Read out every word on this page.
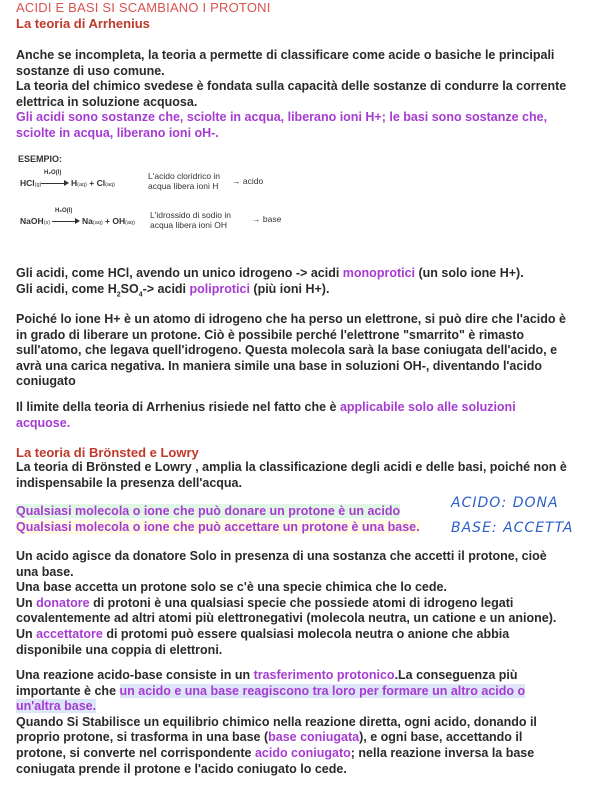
ACIDI E BASI SI SCAMBIANO I PROTONI
La teoria di Arrhenius
Anche se incompleta, la teoria a permette di classificare come acide o basiche le principali
sostanze di uso comune.
La teoria del chimico svedese è fondata sulla capacità delle sostanze di condurre la corrente
elettrica in soluzione acquosa.
Gli acidi sono sostanze che, sciolte in acqua, liberano ioni H+; le basi sono sostanze che,
sciolte in acqua, liberano ioni oH-.
ESEMPIO:
HCl(g)
H₂O(l)
H(aq) + Cl(aq)
L'acido cloridrico in
acqua libera ioni H → acido
NaOH(s)
H₂O(l)
Na(aq) + OH(aq)
L'idrossido di sodio in
acqua libera ioni OH
→ base
Gli acidi, come HCl, avendo un unico idrogeno -> acidi monoprotici (un solo ione H+).
Gli acidi, come $H_2SO_4->$ acidi poliprotici (più ioni H+).
Poiché lo ione H+ è un atomo di idrogeno che ha perso un elettrone, si può dire che l'acido è
in grado di liberare un protone. Ciò è possibile perché l'elettrone "smarrito" è rimasto
sull'atomo, che legava quell'idrogeno. Questa molecola sarà la base coniugata dell'acido, e
avrà una carica negativa. In maniera simile una base in soluzioni OH-, diventando l'acido
coniugato
Il limite della teoria di Arrhenius risiede nel fatto che è applicabile solo alle soluzioni
acquose.
La teoria di Brönsted e Lowry
La teoria di Brönsted e Lowry , amplia la classificazione degli acidi e delle basi, poiché non è
indispensabile la presenza dell'acqua.
Qualsiasi molecola o ione che può donare un protone è un acido
Qualsiasi molecola o ione che può accettare un protone è una base.
ACIDO: DONA
BASE: ACCETTA
Un acido agisce da donatore Solo in presenza di una sostanza che accetti il protone, cioè
una base.
Una base accetta un protone solo se c'è una specie chimica che lo cede.
Un donatore di protoni è una qualsiasi specie che possiede atomi di idrogeno legati
covalentemente ad altri atomi più elettronegativi (molecola neutra, un catione e un anione).
Un accettatore di protomi può essere qualsiasi molecola neutra o anione che abbia
disponibile una coppia di elettroni.
Una reazione acido-base consiste in un trasferimento protonico.La conseguenza più
importante è che un acido e una base reagiscono tra loro per formare un altro acido o
un'altra base.
Quando Si Stabilisce un equilibrio chimico nella reazione diretta, ogni acido, donando il
proprio protone, si trasforma in una base (base coniugata), e ogni base, accettando il
protone, si converte nel corrispondente acido coniugato; nella reazione inversa la base
coniugata prende il protone e l'acido coniugato lo cede.
